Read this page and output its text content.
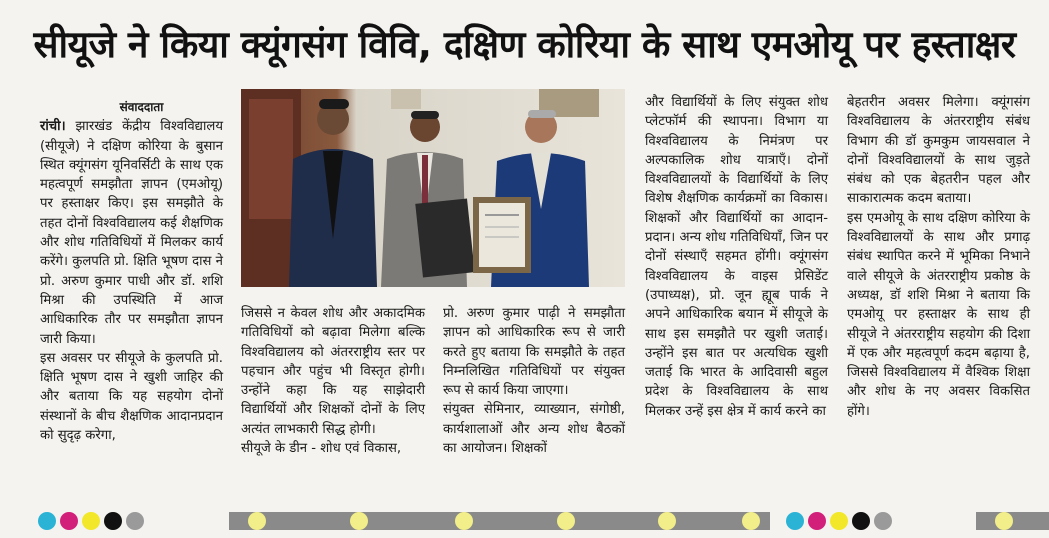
सीयूजे ने किया क्यूंगसंग विवि, दक्षिण कोरिया के साथ एमओयू पर हस्ताक्षर
संवाददाता

रांची। झारखंड केंद्रीय विश्वविद्यालय (सीयूजे) ने दक्षिण कोरिया के बुसान स्थित क्यूंगसंग यूनिवर्सिटी के साथ एक महत्वपूर्ण समझौता ज्ञापन (एमओयू) पर हस्ताक्षर किए। इस समझौते के तहत दोनों विश्वविद्यालय कई शैक्षणिक और शोध गतिविधियों में मिलकर कार्य करेंगे। कुलपति प्रो. क्षिति भूषण दास ने प्रो. अरुण कुमार पाधी और डॉ. शशि मिश्रा की उपस्थिति में आज आधिकारिक तौर पर समझौता ज्ञापन जारी किया।

इस अवसर पर सीयूजे के कुलपति प्रो. क्षिति भूषण दास ने खुशी जाहिर की और बताया कि यह सहयोग दोनों संस्थानों के बीच शैक्षणिक आदानप्रदान को सुदृढ़ करेगा,

जिससे न केवल शोध और अकादमिक गतिविधियों को बढ़ावा मिलेगा बल्कि विश्वविद्यालय को अंतरराष्ट्रीय स्तर पर पहचान और पहुंच भी विस्तृत होगी। उन्होंने कहा कि यह साझेदारी विद्यार्थियों और शिक्षकों दोनों के लिए अत्यंत लाभकारी सिद्ध होगी।

सीयूजे के डीन - शोध एवं विकास,

प्रो. अरुण कुमार पाढ़ी ने समझौता ज्ञापन को आधिकारिक रूप से जारी करते हुए बताया कि समझौते के तहत निम्नलिखित गतिविधियों पर संयुक्त रूप से कार्य किया जाएगा।

संयुक्त सेमिनार, व्याख्यान, संगोष्ठी, कार्यशालाओं और अन्य शोध बैठकों का आयोजन। शिक्षकों

और विद्यार्थियों के लिए संयुक्त शोध प्लेटफॉर्म की स्थापना। विभाग या विश्वविद्यालय के निमंत्रण पर अल्पकालिक शोध यात्राएँ। दोनों विश्वविद्यालयों के विद्यार्थियों के लिए विशेष शैक्षणिक कार्यक्रमों का विकास। शिक्षकों और विद्यार्थियों का आदान-प्रदान। अन्य शोध गतिविधियाँ, जिन पर दोनों संस्थाएँ सहमत होंगी। क्यूंगसंग विश्वविद्यालय के वाइस प्रेसिडेंट (उपाध्यक्ष), प्रो. जून ह्यूब पार्क ने अपने आधिकारिक बयान में सीयूजे के साथ इस समझौते पर खुशी जताई। उन्होंने इस बात पर अत्यधिक खुशी जताई कि भारत के आदिवासी बहुल प्रदेश के विश्वविद्यालय के साथ मिलकर उन्हें इस क्षेत्र में कार्य करने का

बेहतरीन अवसर मिलेगा। क्यूंगसंग विश्वविद्यालय के अंतरराष्ट्रीय संबंध विभाग की डॉ कुमकुम जायसवाल ने दोनों विश्वविद्यालयों के साथ जुड़ते संबंध को एक बेहतरीन पहल और साकारात्मक कदम बताया।

इस एमओयू के साथ दक्षिण कोरिया के विश्वविद्यालयों के साथ और प्रगाढ़ संबंध स्थापित करने में भूमिका निभाने वाले सीयूजे के अंतरराष्ट्रीय प्रकोष्ठ के अध्यक्ष, डॉ शशि मिश्रा ने बताया कि एमओयू पर हस्ताक्षर के साथ ही सीयूजे ने अंतरराष्ट्रीय सहयोग की दिशा में एक और महत्वपूर्ण कदम बढ़ाया है, जिससे विश्वविद्यालय में वैश्विक शिक्षा और शोध के नए अवसर विकसित होंगे।
